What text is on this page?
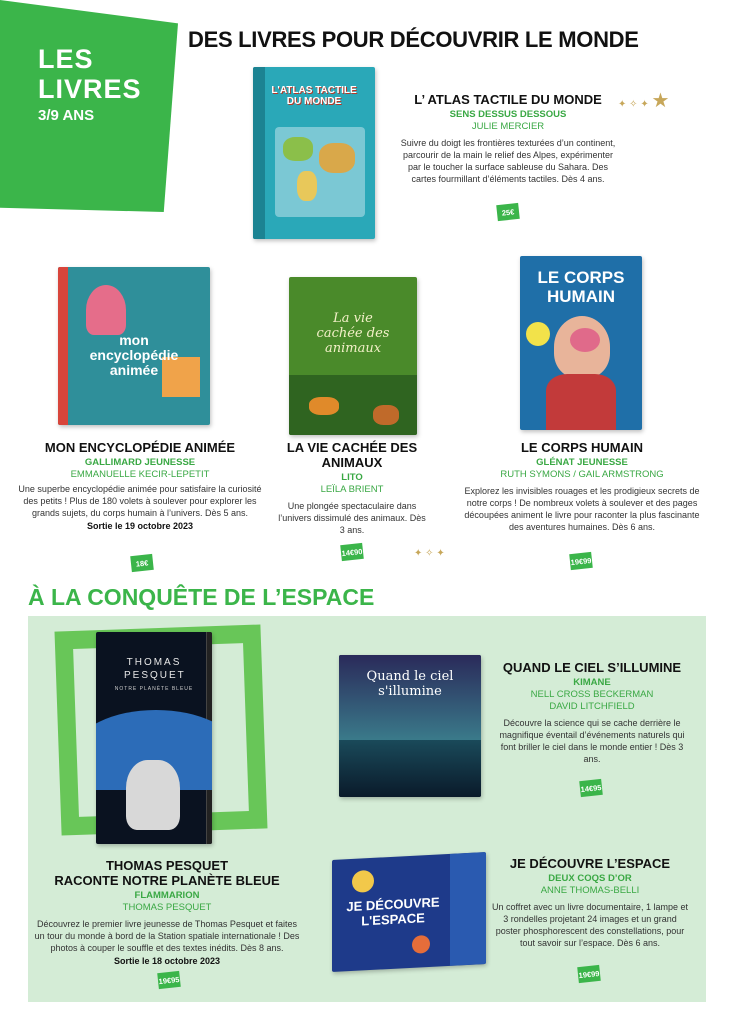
LES
LIVRES
3/9 ANS
DES LIVRES POUR DÉCOUVRIR LE MONDE
✦ ✧ ✦ ★
✦ ✧ ✦
L'ATLAS TACTILE DU MONDE	L’ ATLAS TACTILE DU MONDE
SENS DESSUS DESSOUS
JULIE MERCIER
Suivre du doigt les frontières texturées d’un continent, parcourir de la main le relief des Alpes, expérimenter par le toucher la surface sableuse du Sahara. Des cartes fourmillant d’éléments tactiles. Dès 4 ans.
25€
mon encyclopédie animée
MON ENCYCLOPÉDIE ANIMÉE
GALLIMARD JEUNESSE
EMMANUELLE KECIR-LEPETIT
Une superbe encyclopédie animée pour satisfaire la curiosité des petits ! Plus de 180 volets à soulever pour explorer les grands sujets, du corps humain à l’univers. Dès 5 ans.
Sortie le 19 octobre 2023
18€
La vie cachée des animaux
LA VIE CACHÉE DES ANIMAUX
LITO
LEÏLA BRIENT
Une plongée spectaculaire dans l’univers dissimulé des animaux. Dès 3 ans.
14€90
LE CORPS HUMAIN
LE CORPS HUMAIN
GLÉNAT JEUNESSE
RUTH SYMONS / GAIL ARMSTRONG
Explorez les invisibles rouages et les prodigieux secrets de notre corps ! De nombreux volets à soulever et des pages découpées animent le livre pour raconter la plus fascinante des aventures humaines. Dès 6 ans.
19€99
À LA CONQUÊTE DE L’ESPACE
THOMAS PESQUET
NOTRE PLANÈTE BLEUE
THOMAS PESQUET
RACONTE NOTRE PLANÈTE BLEUE
FLAMMARION
THOMAS PESQUET
Découvrez le premier livre jeunesse de Thomas Pesquet et faites un tour du monde à bord de la Station spatiale internationale ! Des photos à couper le souffle et des textes inédits. Dès 8 ans.
Sortie le 18 octobre 2023
19€95
Quand le ciel s'illumine
QUAND LE CIEL S’ILLUMINE
KIMANE
NELL CROSS BECKERMAN
DAVID LITCHFIELD
Découvre la science qui se cache derrière le magnifique éventail d’événements naturels qui font briller le ciel dans le monde entier ! Dès 3 ans.
14€95
JE DÉCOUVRE L'ESPACE
JE DÉCOUVRE L’ESPACE
DEUX COQS D’OR
ANNE THOMAS-BELLI
Un coffret avec un livre documentaire, 1 lampe et 3 rondelles projetant 24 images et un grand poster phosphorescent des constellations, pour tout savoir sur l’espace. Dès 6 ans.
19€99
